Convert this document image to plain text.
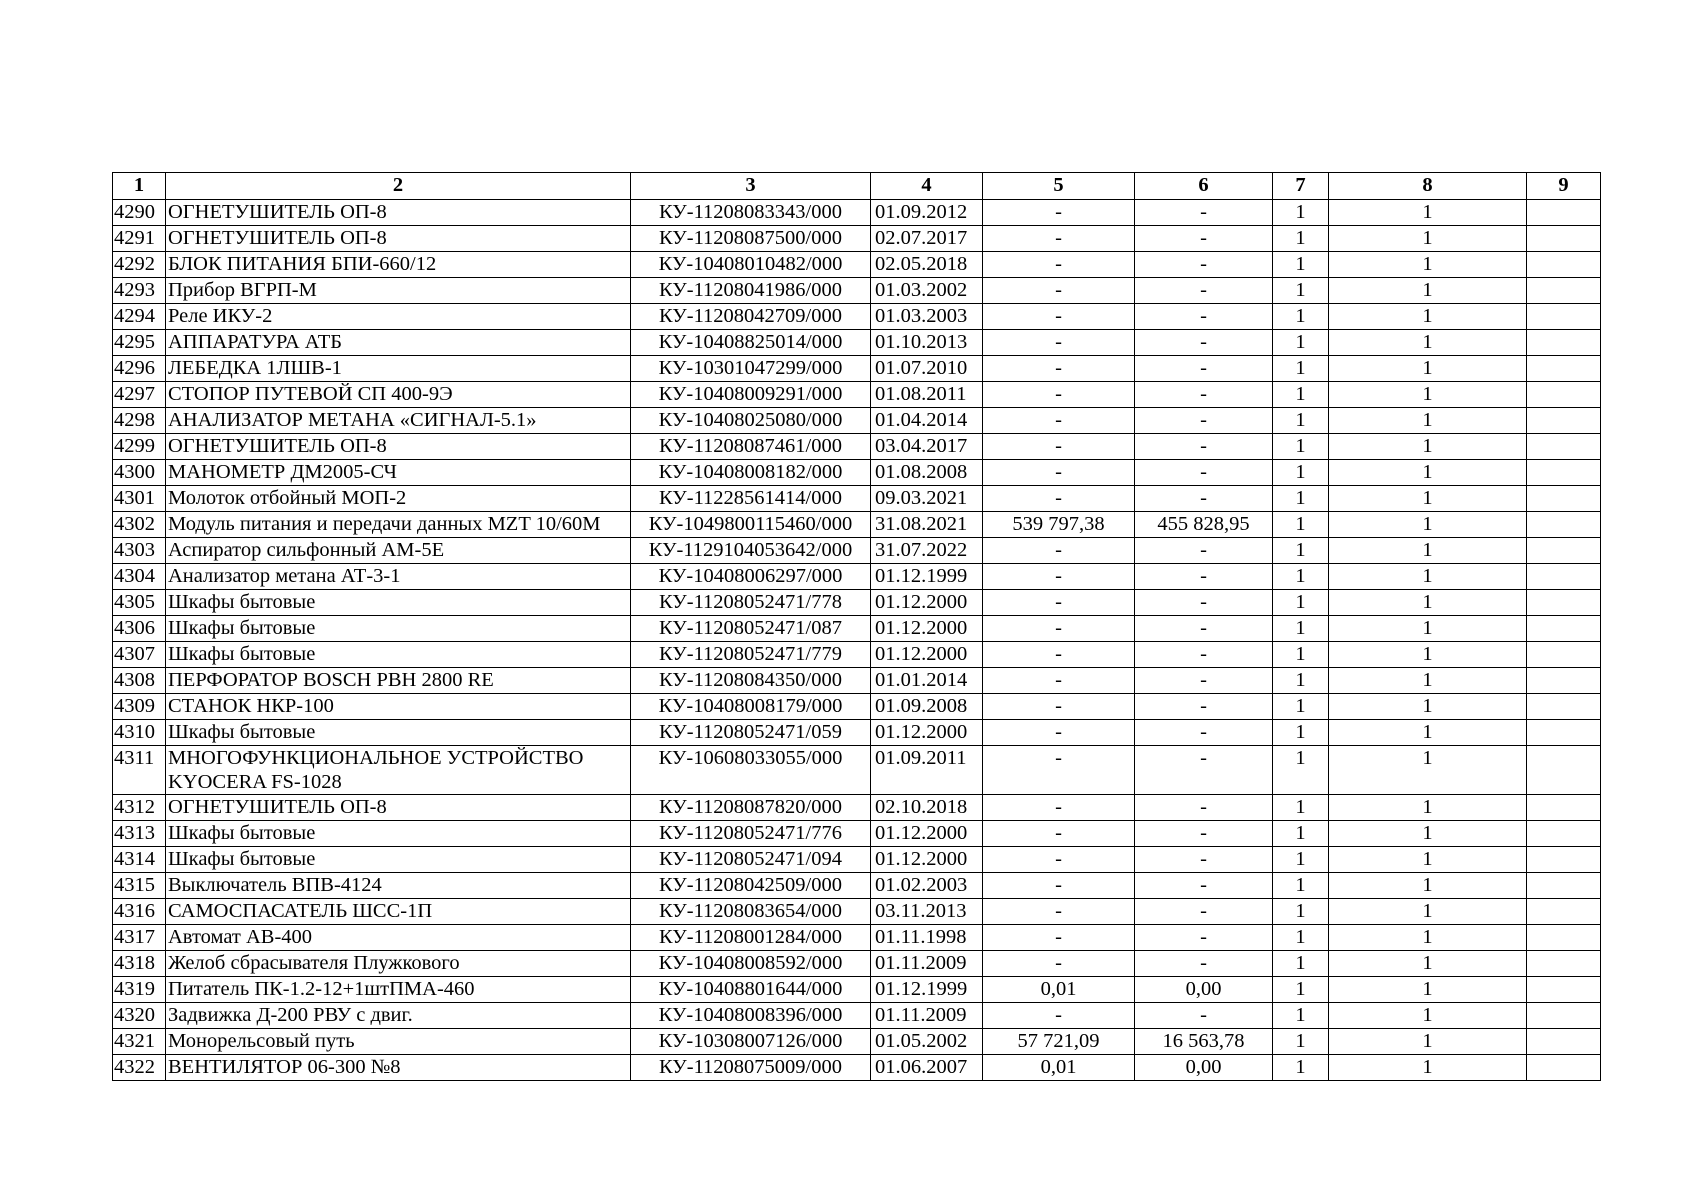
1	2	3	4	5	6	7	8	9
4290	ОГНЕТУШИТЕЛЬ ОП-8	КУ-11208083343/000	01.09.2012	-	-	1	1	
4291	ОГНЕТУШИТЕЛЬ ОП-8	КУ-11208087500/000	02.07.2017	-	-	1	1	
4292	БЛОК ПИТАНИЯ БПИ-660/12	КУ-10408010482/000	02.05.2018	-	-	1	1	
4293	Прибор ВГРП-М	КУ-11208041986/000	01.03.2002	-	-	1	1	
4294	Реле ИКУ-2	КУ-11208042709/000	01.03.2003	-	-	1	1	
4295	АППАРАТУРА АТБ	КУ-10408825014/000	01.10.2013	-	-	1	1	
4296	ЛЕБЕДКА 1ЛШВ-1	КУ-10301047299/000	01.07.2010	-	-	1	1	
4297	СТОПОР ПУТЕВОЙ СП 400-9Э	КУ-10408009291/000	01.08.2011	-	-	1	1	
4298	АНАЛИЗАТОР МЕТАНА «СИГНАЛ-5.1»	КУ-10408025080/000	01.04.2014	-	-	1	1	
4299	ОГНЕТУШИТЕЛЬ ОП-8	КУ-11208087461/000	03.04.2017	-	-	1	1	
4300	МАНОМЕТР ДМ2005-СЧ	КУ-10408008182/000	01.08.2008	-	-	1	1	
4301	Молоток отбойный МОП-2	КУ-11228561414/000	09.03.2021	-	-	1	1	
4302	Модуль питания и передачи данных MZT 10/60M	КУ-1049800115460/000	31.08.2021	539 797,38	455 828,95	1	1	
4303	Аспиратор сильфонный АМ-5Е	КУ-1129104053642/000	31.07.2022	-	-	1	1	
4304	Анализатор метана АТ-3-1	КУ-10408006297/000	01.12.1999	-	-	1	1	
4305	Шкафы бытовые	КУ-11208052471/778	01.12.2000	-	-	1	1	
4306	Шкафы бытовые	КУ-11208052471/087	01.12.2000	-	-	1	1	
4307	Шкафы бытовые	КУ-11208052471/779	01.12.2000	-	-	1	1	
4308	ПЕРФОРАТОР BOSCH PBH 2800 RE	КУ-11208084350/000	01.01.2014	-	-	1	1	
4309	СТАНОК НКР-100	КУ-10408008179/000	01.09.2008	-	-	1	1	
4310	Шкафы бытовые	КУ-11208052471/059	01.12.2000	-	-	1	1	
4311	МНОГОФУНКЦИОНАЛЬНОЕ УСТРОЙСТВО KYOCERA FS-1028	КУ-10608033055/000	01.09.2011	-	-	1	1	
4312	ОГНЕТУШИТЕЛЬ ОП-8	КУ-11208087820/000	02.10.2018	-	-	1	1	
4313	Шкафы бытовые	КУ-11208052471/776	01.12.2000	-	-	1	1	
4314	Шкафы бытовые	КУ-11208052471/094	01.12.2000	-	-	1	1	
4315	Выключатель ВПВ-4124	КУ-11208042509/000	01.02.2003	-	-	1	1	
4316	САМОСПАСАТЕЛЬ ШСС-1П	КУ-11208083654/000	03.11.2013	-	-	1	1	
4317	Автомат АВ-400	КУ-11208001284/000	01.11.1998	-	-	1	1	
4318	Желоб сбрасывателя Плужкового	КУ-10408008592/000	01.11.2009	-	-	1	1	
4319	Питатель ПК-1.2-12+1штПМА-460	КУ-10408801644/000	01.12.1999	0,01	0,00	1	1	
4320	Задвижка Д-200 РВУ с двиг.	КУ-10408008396/000	01.11.2009	-	-	1	1	
4321	Монорельсовый путь	КУ-10308007126/000	01.05.2002	57 721,09	16 563,78	1	1	
4322	ВЕНТИЛЯТОР 06-300 №8	КУ-11208075009/000	01.06.2007	0,01	0,00	1	1	
